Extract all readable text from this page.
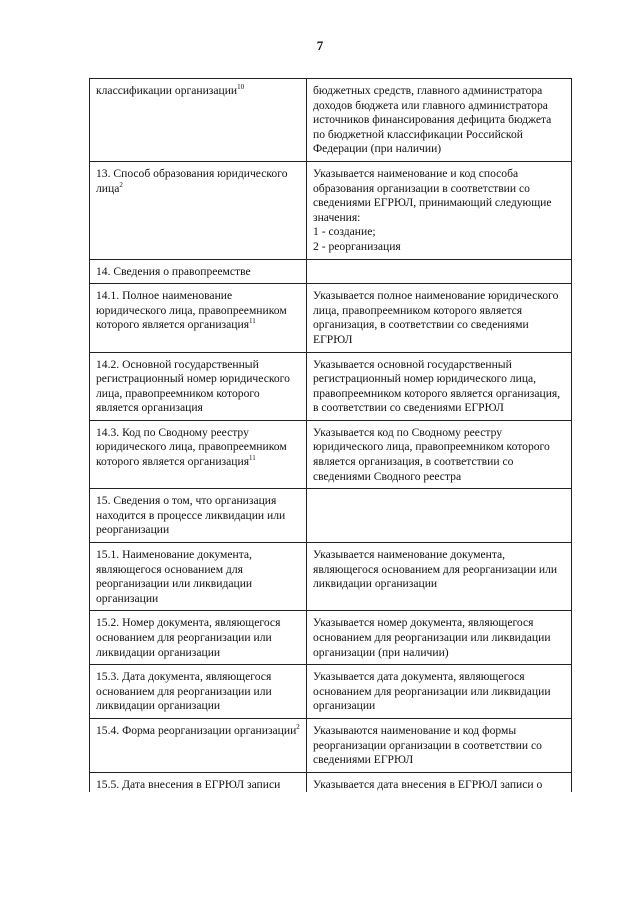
7
классификации организации$^{10}$	бюджетных средств, главного администратора доходов бюджета или главного администратора источников финансирования дефицита бюджета по бюджетной классификации Российской Федерации (при наличии)
13. Способ образования юридического лица$^2$	Указывается наименование и код способа образования организации в соответствии со сведениями ЕГРЮЛ, принимающий следующие значения:
1 - создание;
2 - реорганизация

14. Сведения о правопреемстве	
14.1. Полное наименование юридического лица, правопреемником которого является организация$^{11}$	Указывается полное наименование юридического лица, правопреемником которого является организация, в соответствии со сведениями ЕГРЮЛ
14.2. Основной государственный регистрационный номер юридического лица, правопреемником которого является организация	Указывается основной государственный регистрационный номер юридического лица, правопреемником которого является организация, в соответствии со сведениями ЕГРЮЛ
14.3. Код по Сводному реестру юридического лица, правопреемником которого является организация$^{11}$	Указывается код по Сводному реестру юридического лица, правопреемником которого является организация, в соответствии со сведениями Сводного реестра
15. Сведения о том, что организация находится в процессе ликвидации или реорганизации	
15.1. Наименование документа, являющегося основанием для реорганизации или ликвидации организации	Указывается наименование документа, являющегося основанием для реорганизации или ликвидации организации
15.2. Номер документа, являющегося основанием для реорганизации или ликвидации организации	Указывается номер документа, являющегося основанием для реорганизации или ликвидации организации (при наличии)
15.3. Дата документа, являющегося основанием для реорганизации или ликвидации организации	Указывается дата документа, являющегося основанием для реорганизации или ликвидации организации
15.4. Форма реорганизации организации$^2$	Указываются наименование и код формы реорганизации организации в соответствии со сведениями ЕГРЮЛ
15.5. Дата внесения в ЕГРЮЛ записи	Указывается дата внесения в ЕГРЮЛ записи о
